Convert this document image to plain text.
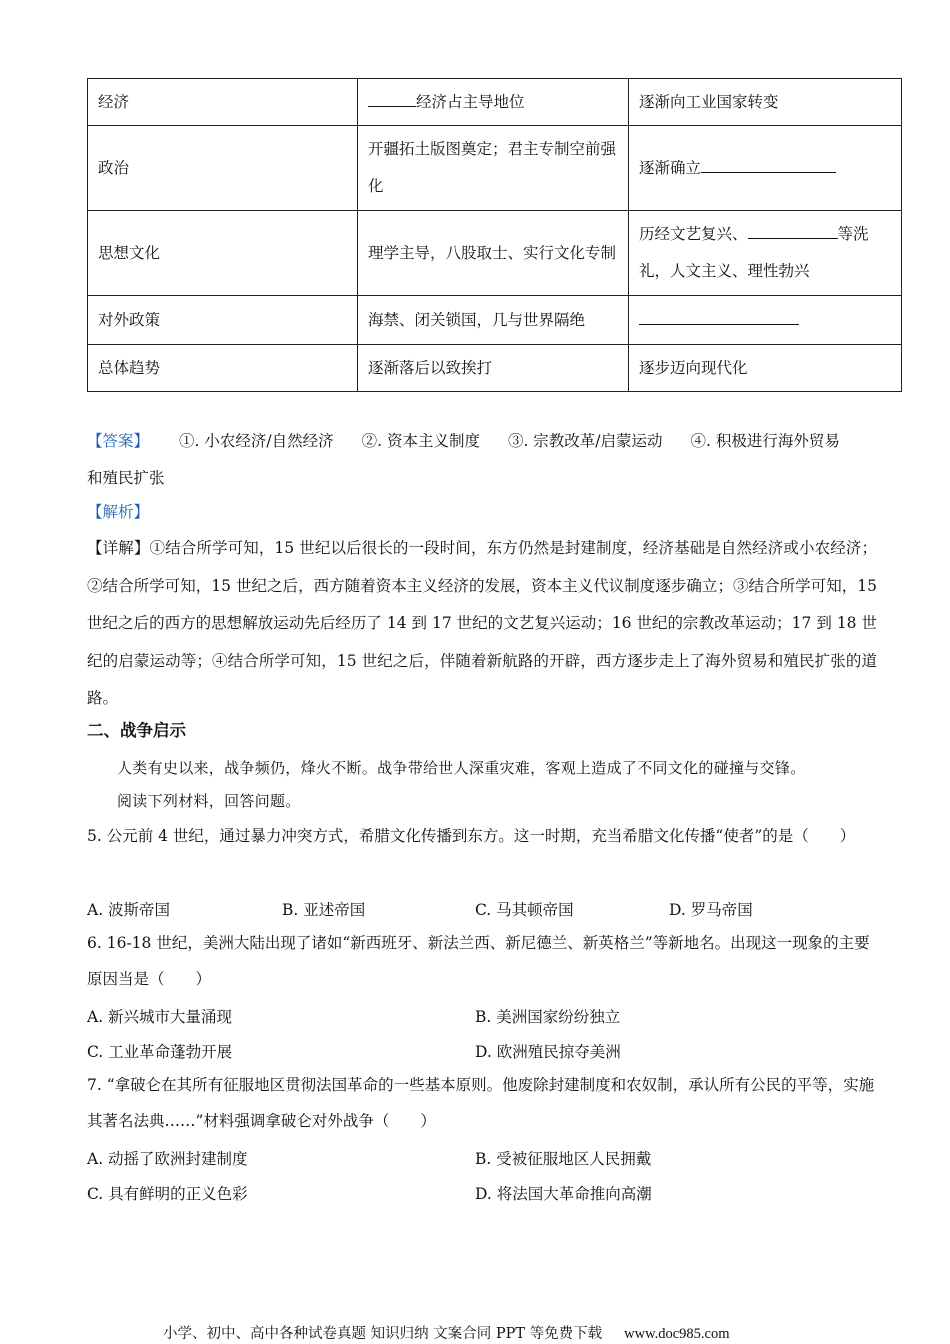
经济	经济占主导地位	逐渐向工业国家转变
政治	开疆拓土版图奠定；君主专制空前强化	逐渐确立
思想文化	理学主导，八股取士、实行文化专制	历经文艺复兴、 等洗礼，人文主义、理性勃兴
对外政策	海禁、闭关锁国，几与世界隔绝	
总体趋势	逐渐落后以致挨打	逐步迈向现代化
【答案】 ①. 小农经济/自然经济 ②. 资本主义制度 ③. 宗教改革/启蒙运动 ④. 积极进行海外贸易
和殖民扩张
【解析】
【详解】①结合所学可知，15 世纪以后很长的一段时间，东方仍然是封建制度，经济基础是自然经济或小农经济；②结合所学可知，15 世纪之后，西方随着资本主义经济的发展，资本主义代议制度逐步确立；③结合所学可知，15 世纪之后的西方的思想解放运动先后经历了 14 到 17 世纪的文艺复兴运动；16 世纪的宗教改革运动；17 到 18 世纪的启蒙运动等；④结合所学可知，15 世纪之后，伴随着新航路的开辟，西方逐步走上了海外贸易和殖民扩张的道路。
二、战争启示
人类有史以来，战争频仍，烽火不断。战争带给世人深重灾难，客观上造成了不同文化的碰撞与交锋。
阅读下列材料，回答问题。
5. 公元前 4 世纪，通过暴力冲突方式，希腊文化传播到东方。这一时期，充当希腊文化传播“使者”的是（　　）
A. 波斯帝国	B. 亚述帝国	C. 马其顿帝国	D. 罗马帝国
6. 16-18 世纪，美洲大陆出现了诸如“新西班牙、新法兰西、新尼德兰、新英格兰”等新地名。出现这一现象的主要原因当是（　　）
A. 新兴城市大量涌现	B. 美洲国家纷纷独立
C. 工业革命蓬勃开展	D. 欧洲殖民掠夺美洲
7. “拿破仑在其所有征服地区贯彻法国革命的一些基本原则。他废除封建制度和农奴制，承认所有公民的平等，实施其著名法典……”材料强调拿破仑对外战争（　　）
A. 动摇了欧洲封建制度	B. 受被征服地区人民拥戴
C. 具有鲜明的正义色彩	D. 将法国大革命推向高潮
小学、初中、高中各种试卷真题 知识归纳 文案合同 PPT 等免费下载 www.doc985.com
